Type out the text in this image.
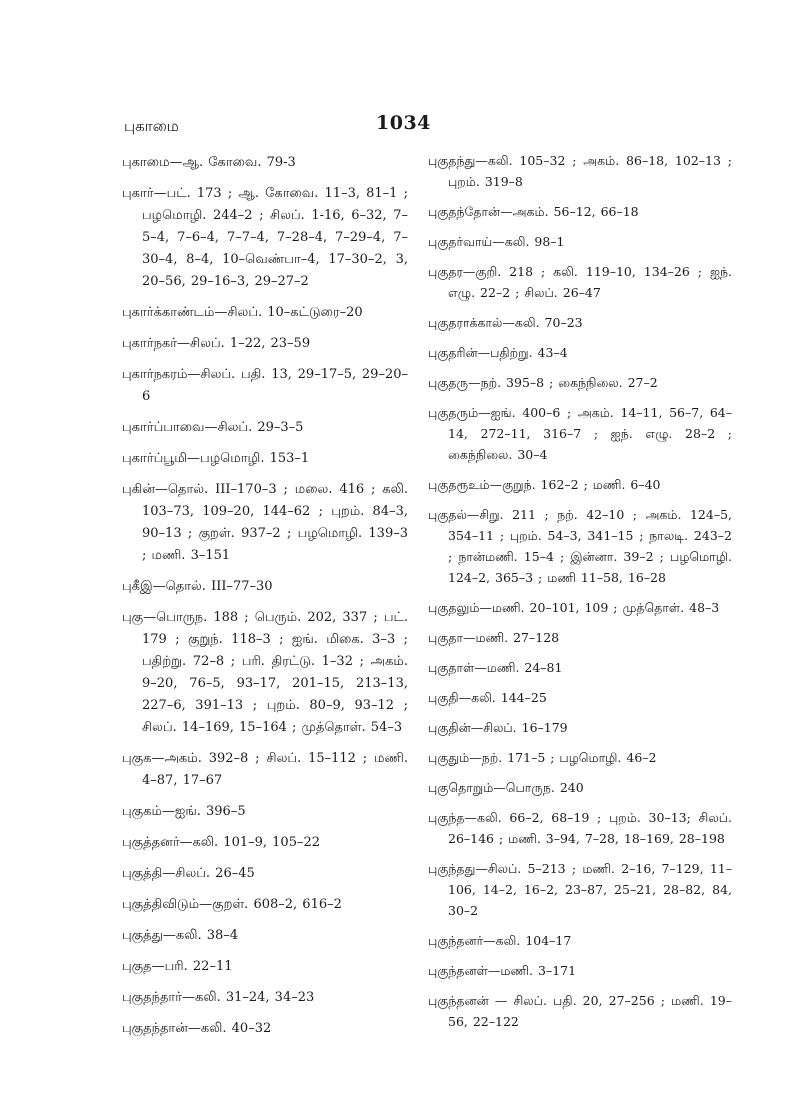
புகாமை	1034

புகாமை—ஆ. கோவை. 79-3

புகார்—பட். 173 ; ஆ. கோவை. 11–3, 81–1 ; பழமொழி. 244–2 ; சிலப். 1-16, 6–32, 7–5–4, 7–6–4, 7–7–4, 7–28–4, 7–29–4, 7–30–4, 8–4, 10–வெண்பா–4, 17–30–2, 3, 20–56, 29–16–3, 29–27–2

புகார்க்காண்டம்—சிலப். 10–கட்டுரை–20

புகார்நகர்—சிலப். 1–22, 23–59

புகார்நகரம்—சிலப். பதி. 13, 29–17–5, 29–20–6

புகார்ப்பாவை—சிலப். 29–3–5

புகார்ப்பூமி—பழமொழி. 153–1

புகின்—தொல். III–170–3 ; மலை. 416 ; கலி. 103–73, 109–20, 144–62 ; புறம். 84–3, 90–13 ; குறள். 937–2 ; பழமொழி. 139–3 ; மணி. 3–151

புகீஇ—தொல். III–77–30

புகு—பொருந. 188 ; பெரும். 202, 337 ; பட். 179 ; குறுந். 118–3 ; ஐங். மிகை. 3–3 ; பதிற்று. 72–8 ; பரி. திரட்டு. 1–32 ; அகம். 9–20, 76–5, 93–17, 201–15, 213–13, 227–6, 391–13 ; புறம். 80–9, 93–12 ; சிலப். 14–169, 15–164 ; முத்தொள். 54–3

புகுக—அகம். 392–8 ; சிலப். 15–112 ; மணி. 4–87, 17–67

புகுகம்—ஐங். 396–5

புகுத்தனர்—கலி. 101–9, 105–22

புகுத்தி—சிலப். 26–45

புகுத்திவிடும்—குறள். 608–2, 616–2

புகுத்து—கலி. 38–4

புகுத—பரி. 22–11

புகுதந்தார்—கலி. 31–24, 34–23

புகுதந்தான்—கலி. 40–32

புகுதந்து—கலி. 105–32 ; அகம். 86–18, 102–13 ; புறம். 319–8

புகுதந்தோன்—அகம். 56–12, 66–18

புகுதர்வாய்—கலி. 98–1

புகுதர—குறி. 218 ; கலி. 119–10, 134–26 ; ஐந். எழு. 22–2 ; சிலப். 26–47

புகுதராக்கால்—கலி. 70–23

புகுதரின்—பதிற்று. 43–4

புகுதரு—நற். 395–8 ; கைந்நிலை. 27–2

புகுதரும்—ஐங். 400–6 ; அகம். 14–11, 56–7, 64–14, 272–11, 316–7 ; ஐந். எழு. 28–2 ; கைந்நிலை. 30–4

புகுதரூஉம்—குறுந். 162–2 ; மணி. 6–40

புகுதல்—சிறு. 211 ; நற். 42–10 ; அகம். 124–5, 354–11 ; புறம். 54–3, 341–15 ; நாலடி. 243–2 ; நான்மணி. 15–4 ; இன்னா. 39–2 ; பழமொழி. 124–2, 365–3 ; மணி 11–58, 16–28

புகுதலும்—மணி. 20–101, 109 ; முத்தொள். 48–3

புகுதா—மணி. 27–128

புகுதாள்—மணி. 24–81

புகுதி—கலி. 144–25

புகுதின்—சிலப். 16–179

புகுதும்—நற். 171–5 ; பழமொழி. 46–2

புகுதொறும்—பொருந. 240

புகுந்த—கலி. 66–2, 68–19 ; புறம். 30–13; சிலப். 26–146 ; மணி. 3–94, 7–28, 18–169, 28–198

புகுந்தது—சிலப். 5–213 ; மணி. 2–16, 7–129, 11–106, 14–2, 16–2, 23–87, 25–21, 28–82, 84, 30–2

புகுந்தனர்—கலி. 104–17

புகுந்தனள்—மணி. 3–171

புகுந்தனன் — சிலப். பதி. 20, 27–256 ; மணி. 19–56, 22–122
